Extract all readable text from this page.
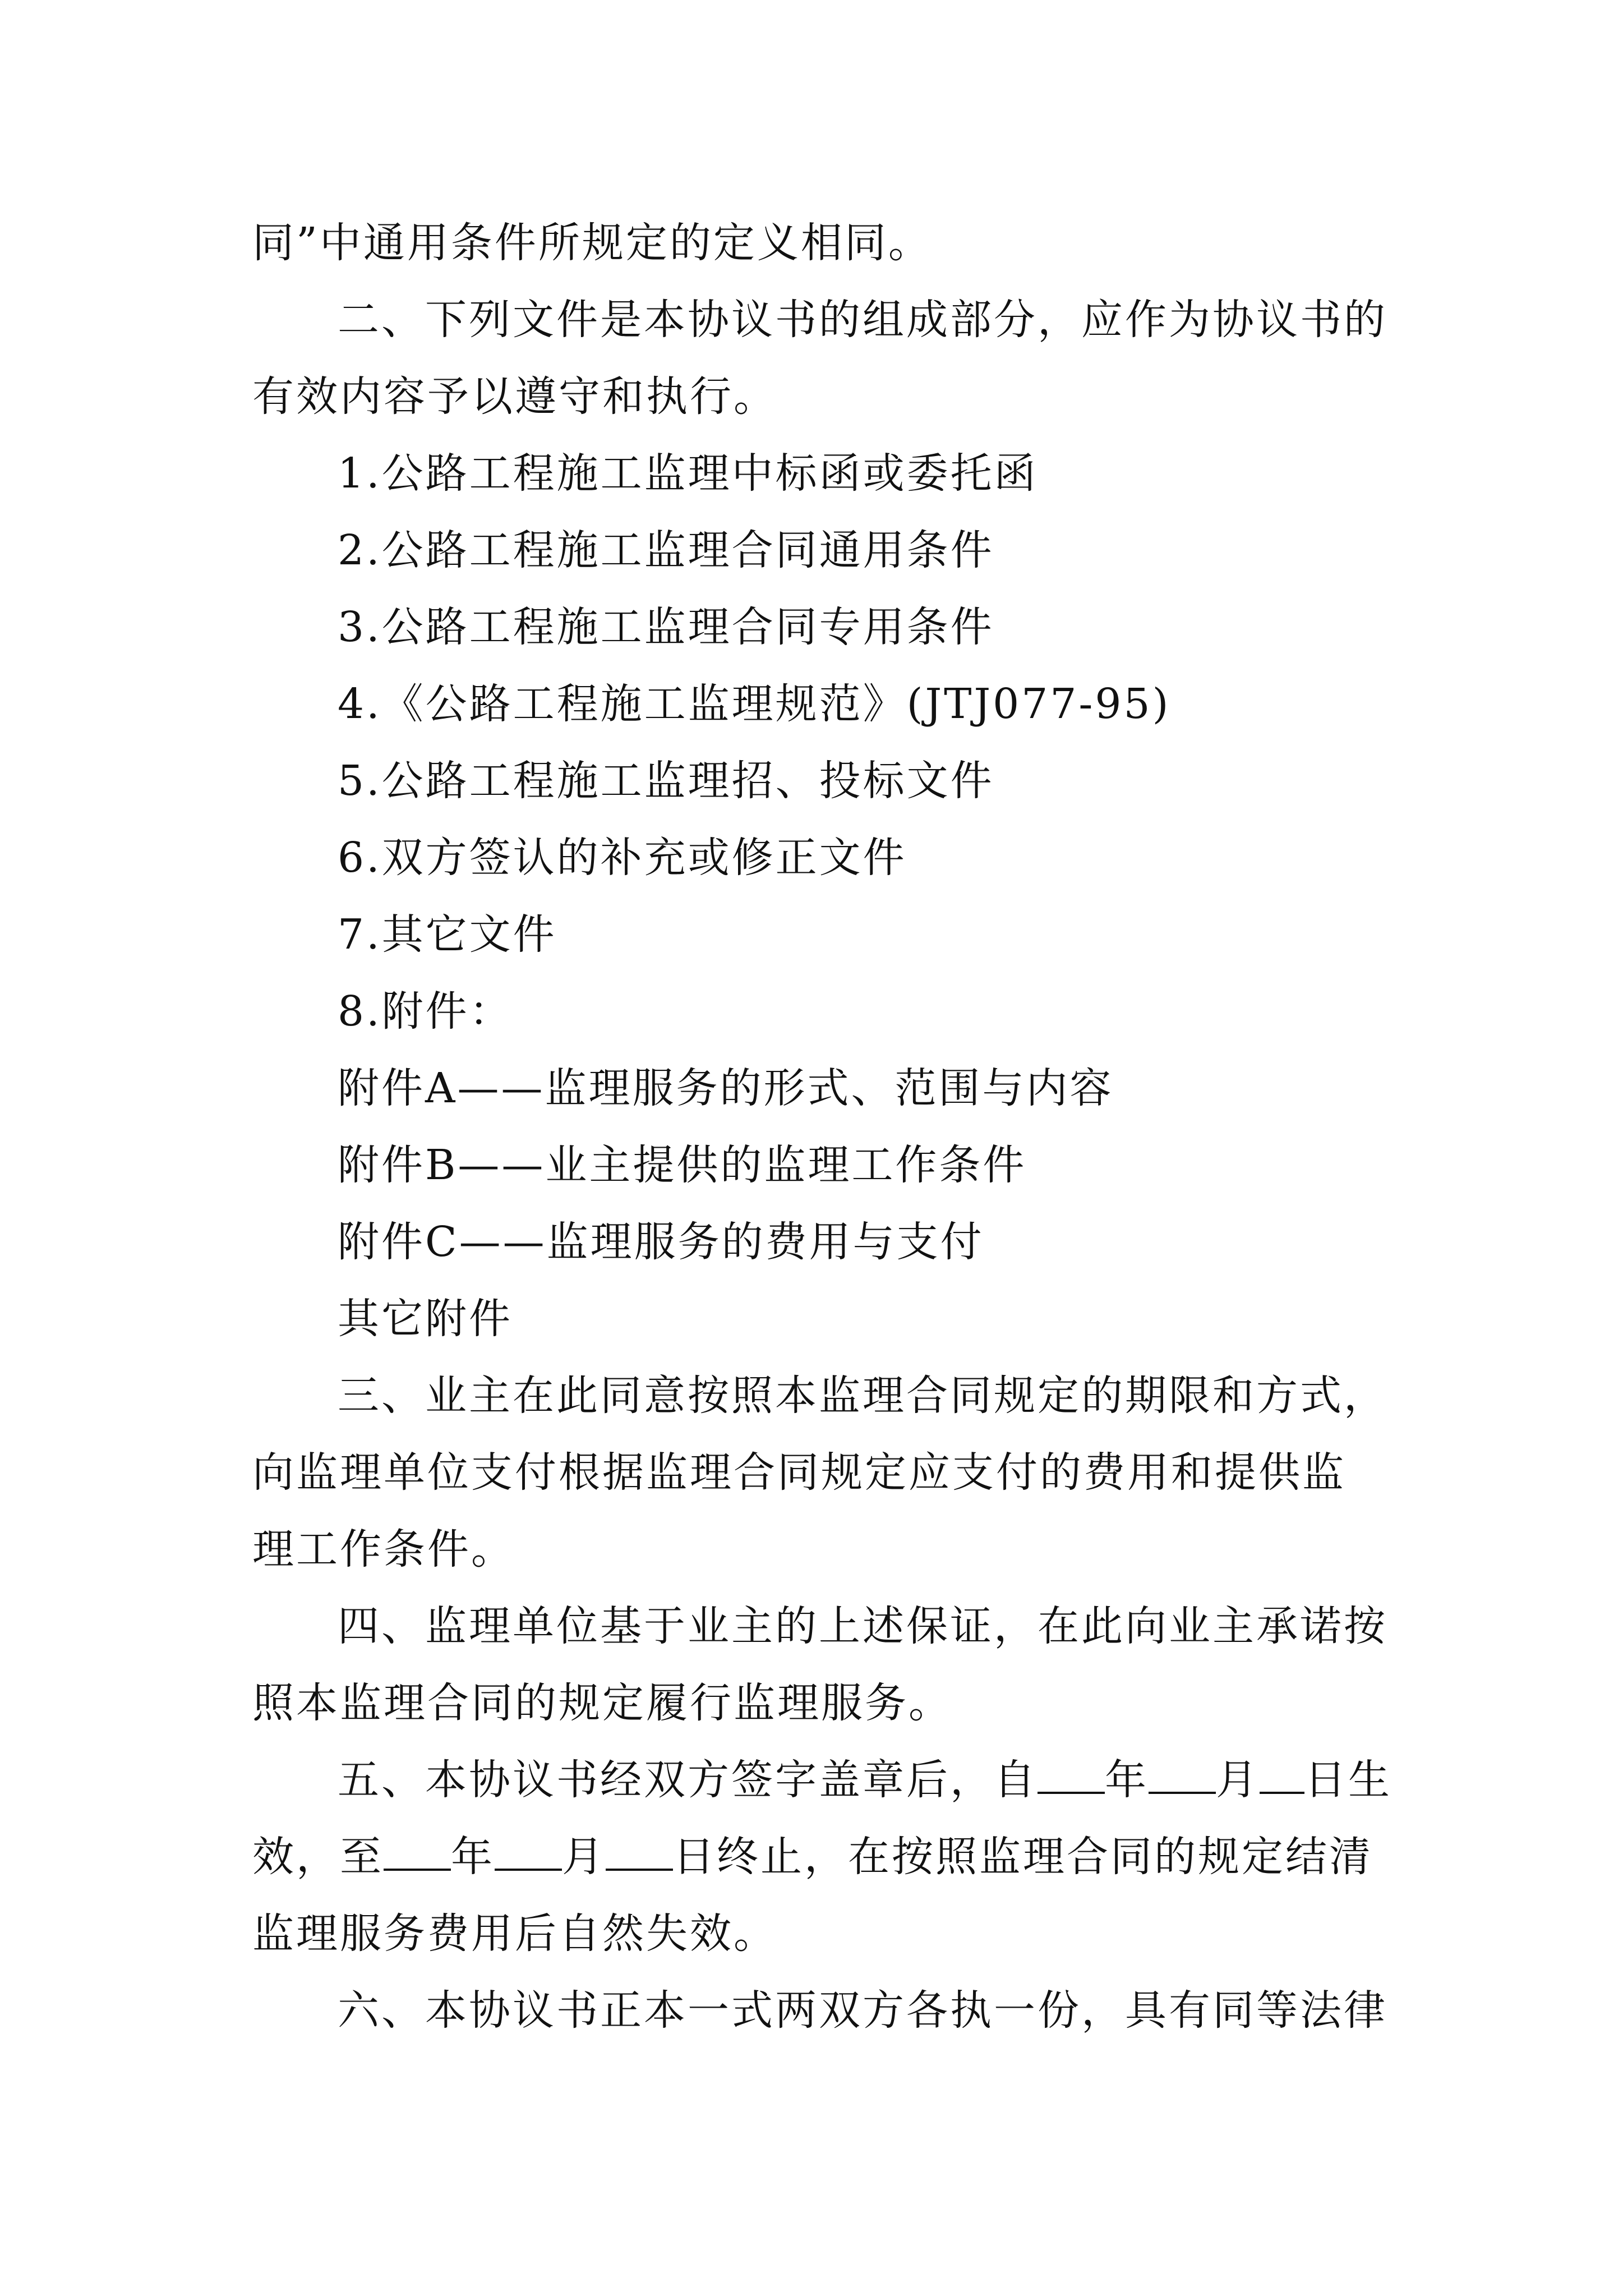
同”中通用条件所规定的定义相同。
二、下列文件是本协议书的组成部分，应作为协议书的
有效内容予以遵守和执行。
1.公路工程施工监理中标函或委托函
2.公路工程施工监理合同通用条件
3.公路工程施工监理合同专用条件
4.《公路工程施工监理规范》(JTJ077-95)
5.公路工程施工监理招、投标文件
6.双方签认的补充或修正文件
7.其它文件
8.附件：
附件A——监理服务的形式、范围与内容
附件B——业主提供的监理工作条件
附件C——监理服务的费用与支付
其它附件
三、业主在此同意按照本监理合同规定的期限和方式，
向监理单位支付根据监理合同规定应支付的费用和提供监
理工作条件。
四、监理单位基于业主的上述保证，在此向业主承诺按
照本监理合同的规定履行监理服务。
五、本协议书经双方签字盖章后，自 年 月 日生
效，至 年 月 日终止，在按照监理合同的规定结清
监理服务费用后自然失效。
六、本协议书正本一式两双方各执一份，具有同等法律
